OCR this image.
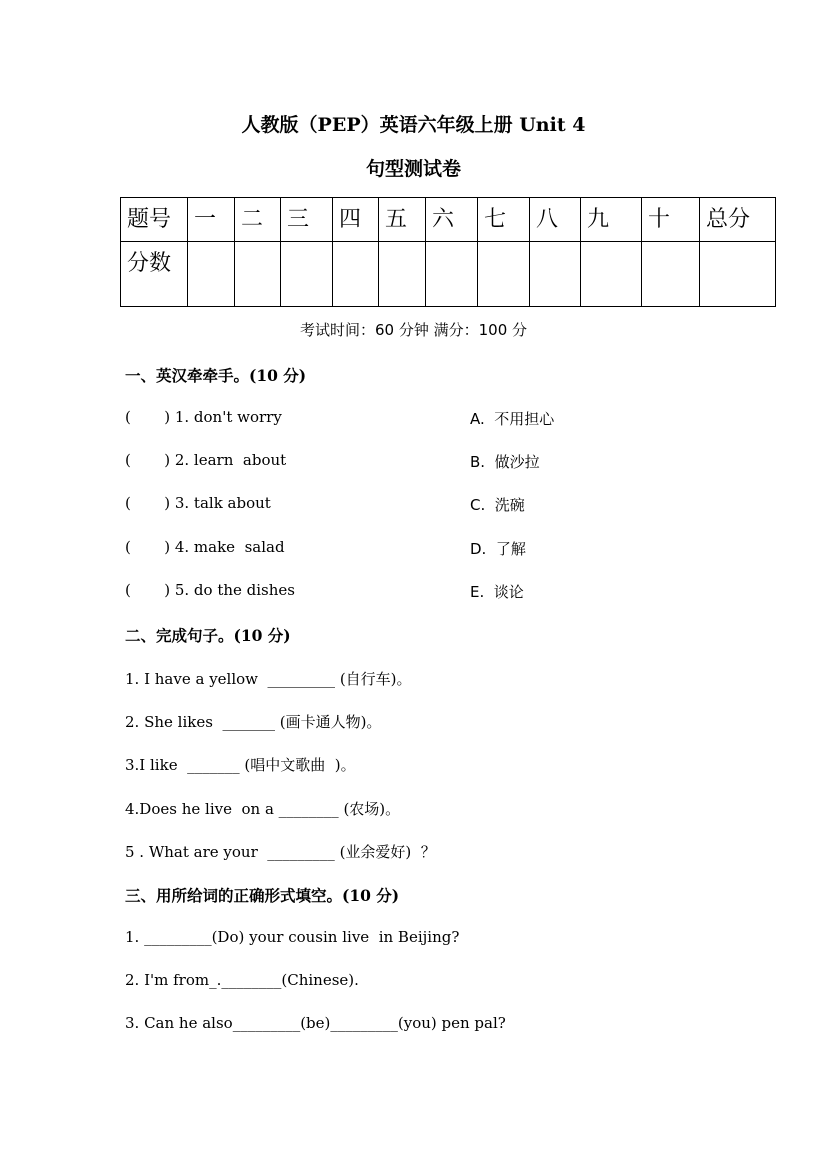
人教版（PEP）英语六年级上册 Unit 4
句型测试卷
题号	一	二	三	四	五	六	七	八	九	十	总分
分数											
考试时间：60 分钟 满分：100 分
一、英汉牵牵手。(10 分)
(       ) 1. don't worry	A.  不用担心
(       ) 2. learn  about	B.  做沙拉
(       ) 3. talk about	C.  洗碗
(       ) 4. make  salad	D.  了解
(       ) 5. do the dishes	E.  谈论
二、完成句子。(10 分)
1. I have a yellow  _________ (自行车)。
2. She likes  _______ (画卡通人物)。
3.I like  _______ (唱中文歌曲  )。
4.Does he live  on a ________ (农场)。
5 . What are your  _________ (业余爱好)  ？
三、用所给词的正确形式填空。(10 分)
1. _________(Do) your cousin live  in Beijing?
2. I'm from_.________(Chinese).
3. Can he also_________(be)_________(you) pen pal?
